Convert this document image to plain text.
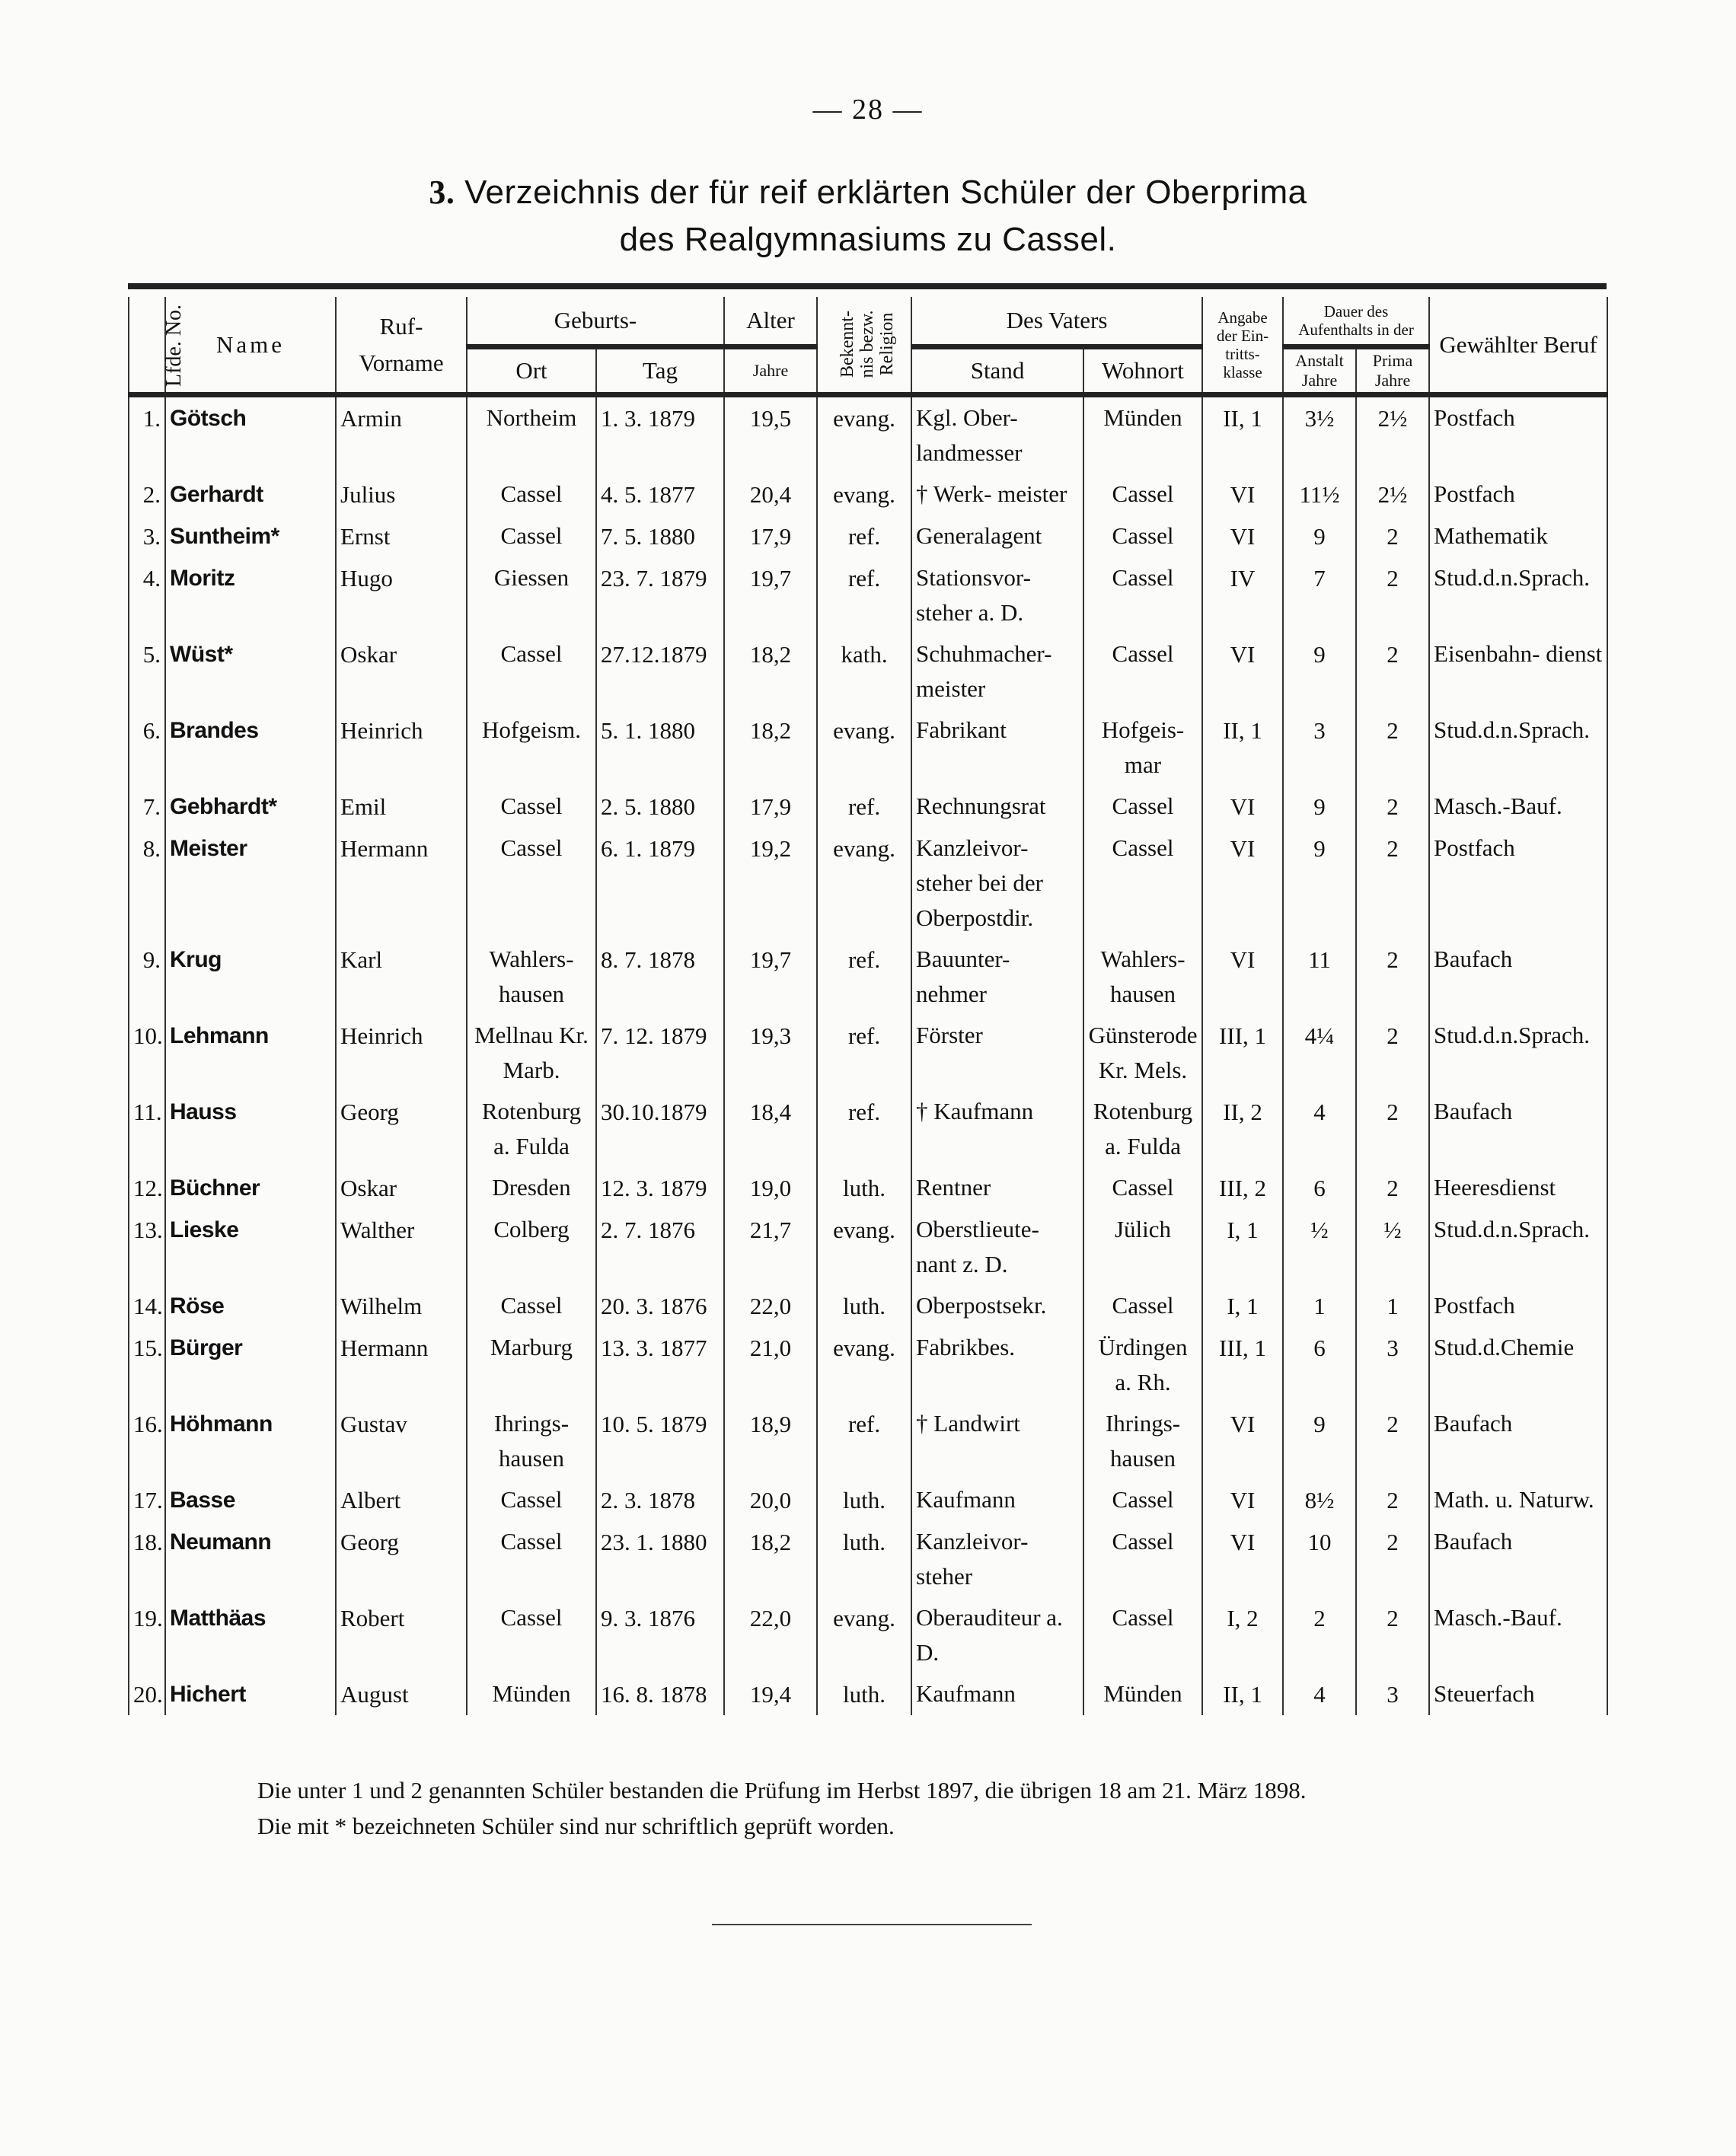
— 28 —
3. Verzeichnis der für reif erklärten Schüler der Oberprima
des Realgymnasiums zu Cassel.
Lfde. No.	Name	Ruf- Vorname	Geburts-		Alter	Bekennt- nis bezw. Religion	Des Vaters		Angabe der Ein- tritts- klasse	Dauer des Aufenthalts in der		Gewählter Beruf
			Ort	Tag	Jahre		Stand	Wohnort		Anstalt Jahre	Prima Jahre	
1.	Götsch	Armin	Northeim	1. 3. 1879	19,5	evang.	Kgl. Ober- landmesser	Münden	II, 1	3½	2½	Postfach
2.	Gerhardt	Julius	Cassel	4. 5. 1877	20,4	evang.	† Werk- meister	Cassel	VI	11½	2½	Postfach
3.	Suntheim*	Ernst	Cassel	7. 5. 1880	17,9	ref.	Generalagent	Cassel	VI	9	2	Mathematik
4.	Moritz	Hugo	Giessen	23. 7. 1879	19,7	ref.	Stationsvor- steher a. D.	Cassel	IV	7	2	Stud.d.n.Sprach.
5.	Wüst*	Oskar	Cassel	27.12.1879	18,2	kath.	Schuhmacher- meister	Cassel	VI	9	2	Eisenbahn- dienst
6.	Brandes	Heinrich	Hofgeism.	5. 1. 1880	18,2	evang.	Fabrikant	Hofgeis- mar	II, 1	3	2	Stud.d.n.Sprach.
7.	Gebhardt*	Emil	Cassel	2. 5. 1880	17,9	ref.	Rechnungsrat	Cassel	VI	9	2	Masch.-Bauf.
8.	Meister	Hermann	Cassel	6. 1. 1879	19,2	evang.	Kanzleivor- steher bei der Oberpostdir.	Cassel	VI	9	2	Postfach
9.	Krug	Karl	Wahlers- hausen	8. 7. 1878	19,7	ref.	Bauunter- nehmer	Wahlers- hausen	VI	11	2	Baufach
10.	Lehmann	Heinrich	Mellnau Kr. Marb.	7. 12. 1879	19,3	ref.	Förster	Günsterode Kr. Mels.	III, 1	4¼	2	Stud.d.n.Sprach.
11.	Hauss	Georg	Rotenburg a. Fulda	30.10.1879	18,4	ref.	† Kaufmann	Rotenburg a. Fulda	II, 2	4	2	Baufach
12.	Büchner	Oskar	Dresden	12. 3. 1879	19,0	luth.	Rentner	Cassel	III, 2	6	2	Heeresdienst
13.	Lieske	Walther	Colberg	2. 7. 1876	21,7	evang.	Oberstlieute- nant z. D.	Jülich	I, 1	½	½	Stud.d.n.Sprach.
14.	Röse	Wilhelm	Cassel	20. 3. 1876	22,0	luth.	Oberpostsekr.	Cassel	I, 1	1	1	Postfach
15.	Bürger	Hermann	Marburg	13. 3. 1877	21,0	evang.	Fabrikbes.	Ürdingen a. Rh.	III, 1	6	3	Stud.d.Chemie
16.	Höhmann	Gustav	Ihrings- hausen	10. 5. 1879	18,9	ref.	† Landwirt	Ihrings- hausen	VI	9	2	Baufach
17.	Basse	Albert	Cassel	2. 3. 1878	20,0	luth.	Kaufmann	Cassel	VI	8½	2	Math. u. Naturw.
18.	Neumann	Georg	Cassel	23. 1. 1880	18,2	luth.	Kanzleivor- steher	Cassel	VI	10	2	Baufach
19.	Matthäas	Robert	Cassel	9. 3. 1876	22,0	evang.	Oberauditeur a. D.	Cassel	I, 2	2	2	Masch.-Bauf.
20.	Hichert	August	Münden	16. 8. 1878	19,4	luth.	Kaufmann	Münden	II, 1	4	3	Steuerfach
Die unter 1 und 2 genannten Schüler bestanden die Prüfung im Herbst 1897, die übrigen 18 am 21. März 1898.
Die mit * bezeichneten Schüler sind nur schriftlich geprüft worden.
